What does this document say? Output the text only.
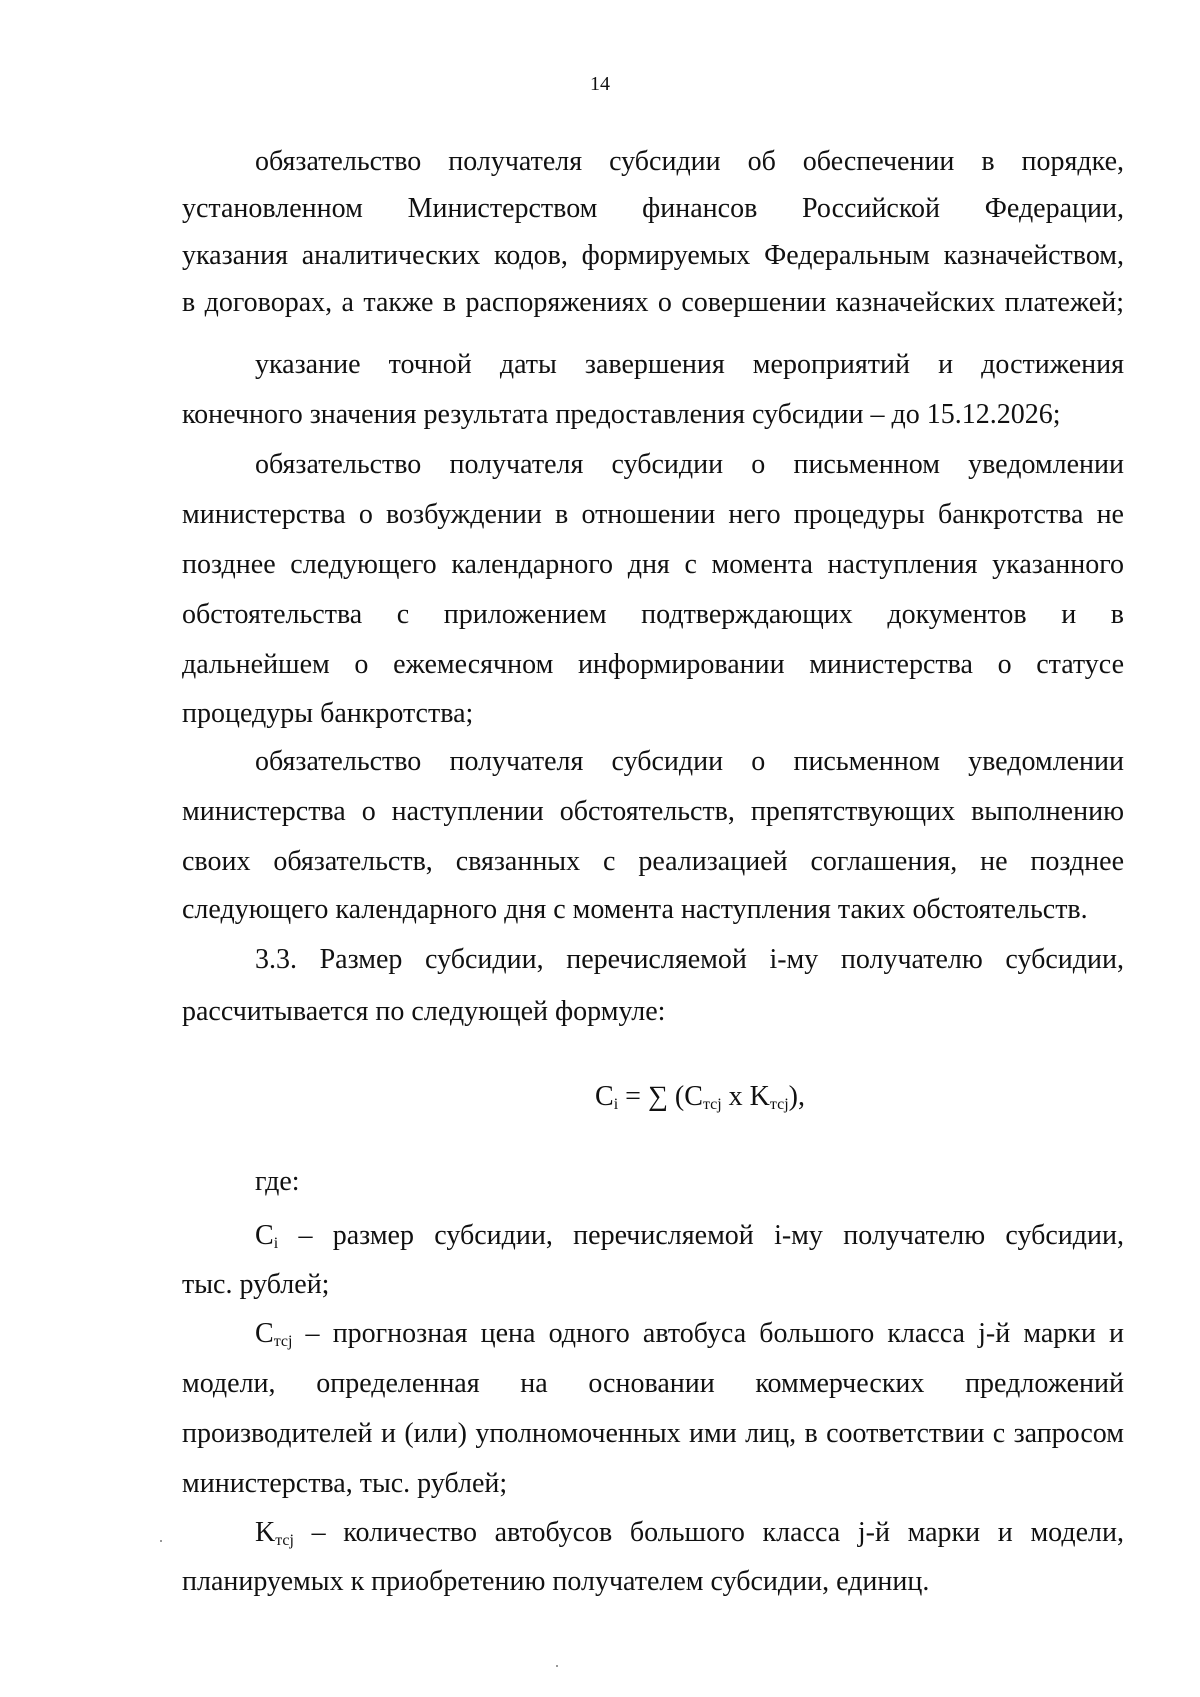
14
обязательство получателя субсидии об обеспечении в порядке,
установленном Министерством финансов Российской Федерации,
указания аналитических кодов, формируемых Федеральным казначейством,
в договорах, а также в распоряжениях о совершении казначейских платежей;
указание точной даты завершения мероприятий и достижения
конечного значения результата предоставления субсидии – до 15.12.2026;
обязательство получателя субсидии о письменном уведомлении
министерства о возбуждении в отношении него процедуры банкротства не
позднее следующего календарного дня с момента наступления указанного
обстоятельства с приложением подтверждающих документов и в
дальнейшем о ежемесячном информировании министерства о статусе
процедуры банкротства;
обязательство получателя субсидии о письменном уведомлении
министерства о наступлении обстоятельств, препятствующих выполнению
своих обязательств, связанных с реализацией соглашения, не позднее
следующего календарного дня с момента наступления таких обстоятельств.
3.3. Размер субсидии, перечисляемой i-му получателю субсидии,
рассчитывается по следующей формуле:
$C_i$ = ∑ ($C_{тсj}$ x $K_{тсj}$),
где:
$C_i$ – размер субсидии, перечисляемой i-му получателю субсидии,
тыс. рублей;
$C_{тсj}$ – прогнозная цена одного автобуса большого класса j-й марки и
модели, определенная на основании коммерческих предложений
производителей и (или) уполномоченных ими лиц, в соответствии с запросом
министерства, тыс. рублей;
$K_{тсj}$ – количество автобусов большого класса j-й марки и модели,
планируемых к приобретению получателем субсидии, единиц.
